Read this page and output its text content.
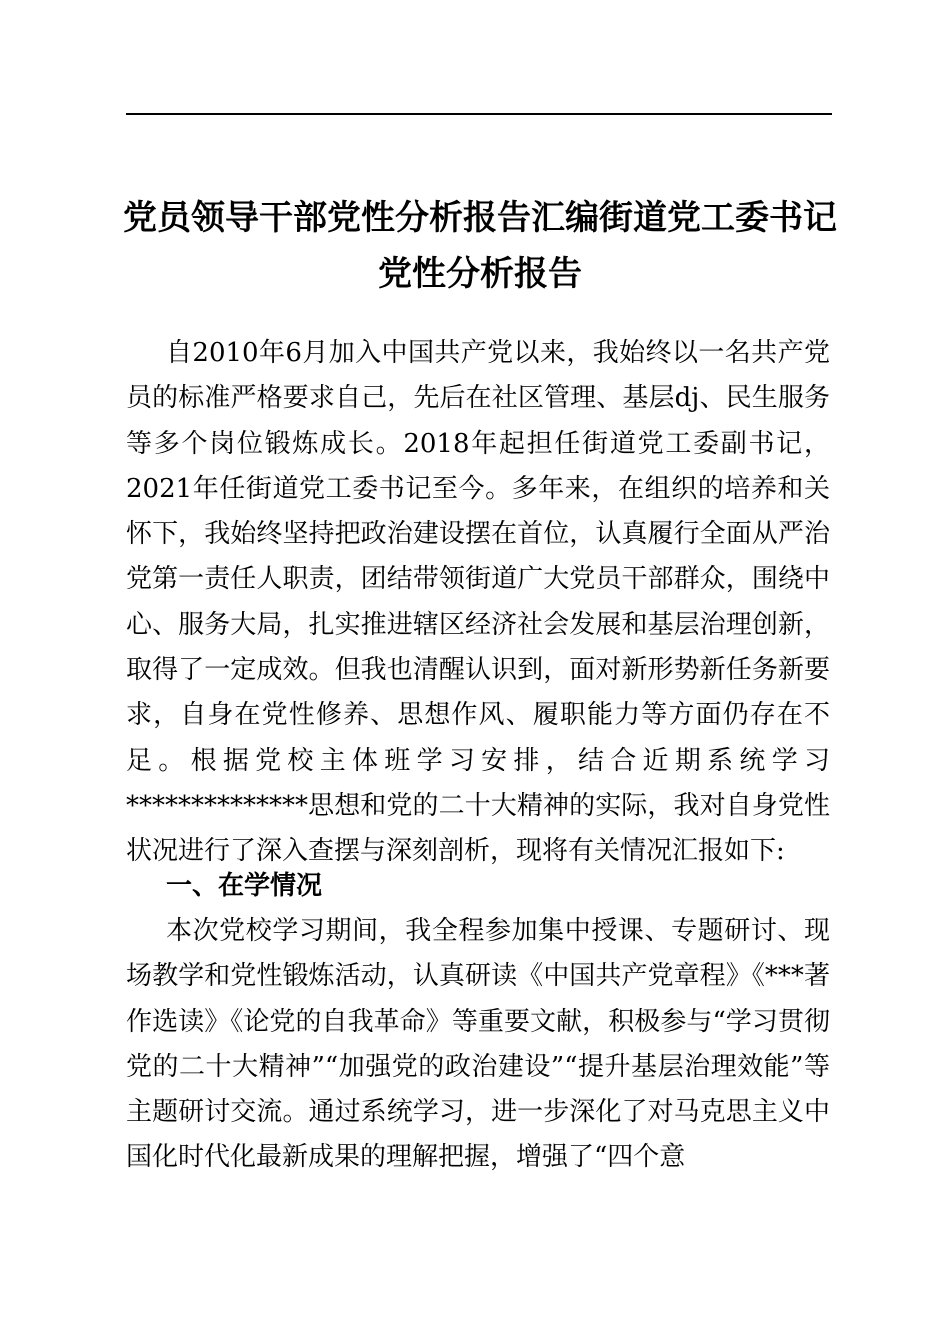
党员领导干部党性分析报告汇编街道党工委书记党性分析报告

自2010年6月加入中国共产党以来，我始终以一名共产党员的标准严格要求自己，先后在社区管理、基层dj、民生服务等多个岗位锻炼成长。2018年起担任街道党工委副书记，2021年任街道党工委书记至今。多年来，在组织的培养和关怀下，我始终坚持把政治建设摆在首位，认真履行全面从严治党第一责任人职责，团结带领街道广大党员干部群众，围绕中心、服务大局，扎实推进辖区经济社会发展和基层治理创新，取得了一定成效。但我也清醒认识到，面对新形势新任务新要求，自身在党性修养、思想作风、履职能力等方面仍存在不足。根据党校主体班学习安排，结合近期系统学习**************思想和党的二十大精神的实际，我对自身党性状况进行了深入查摆与深刻剖析，现将有关情况汇报如下:

一、在学情况

本次党校学习期间，我全程参加集中授课、专题研讨、现场教学和党性锻炼活动，认真研读《中国共产党章程》《***著作选读》《论党的自我革命》等重要文献，积极参与“学习贯彻党的二十大精神”“加强党的政治建设”“提升基层治理效能”等主题研讨交流。通过系统学习，进一步深化了对马克思主义中国化时代化最新成果的理解把握，增强了“四个意
